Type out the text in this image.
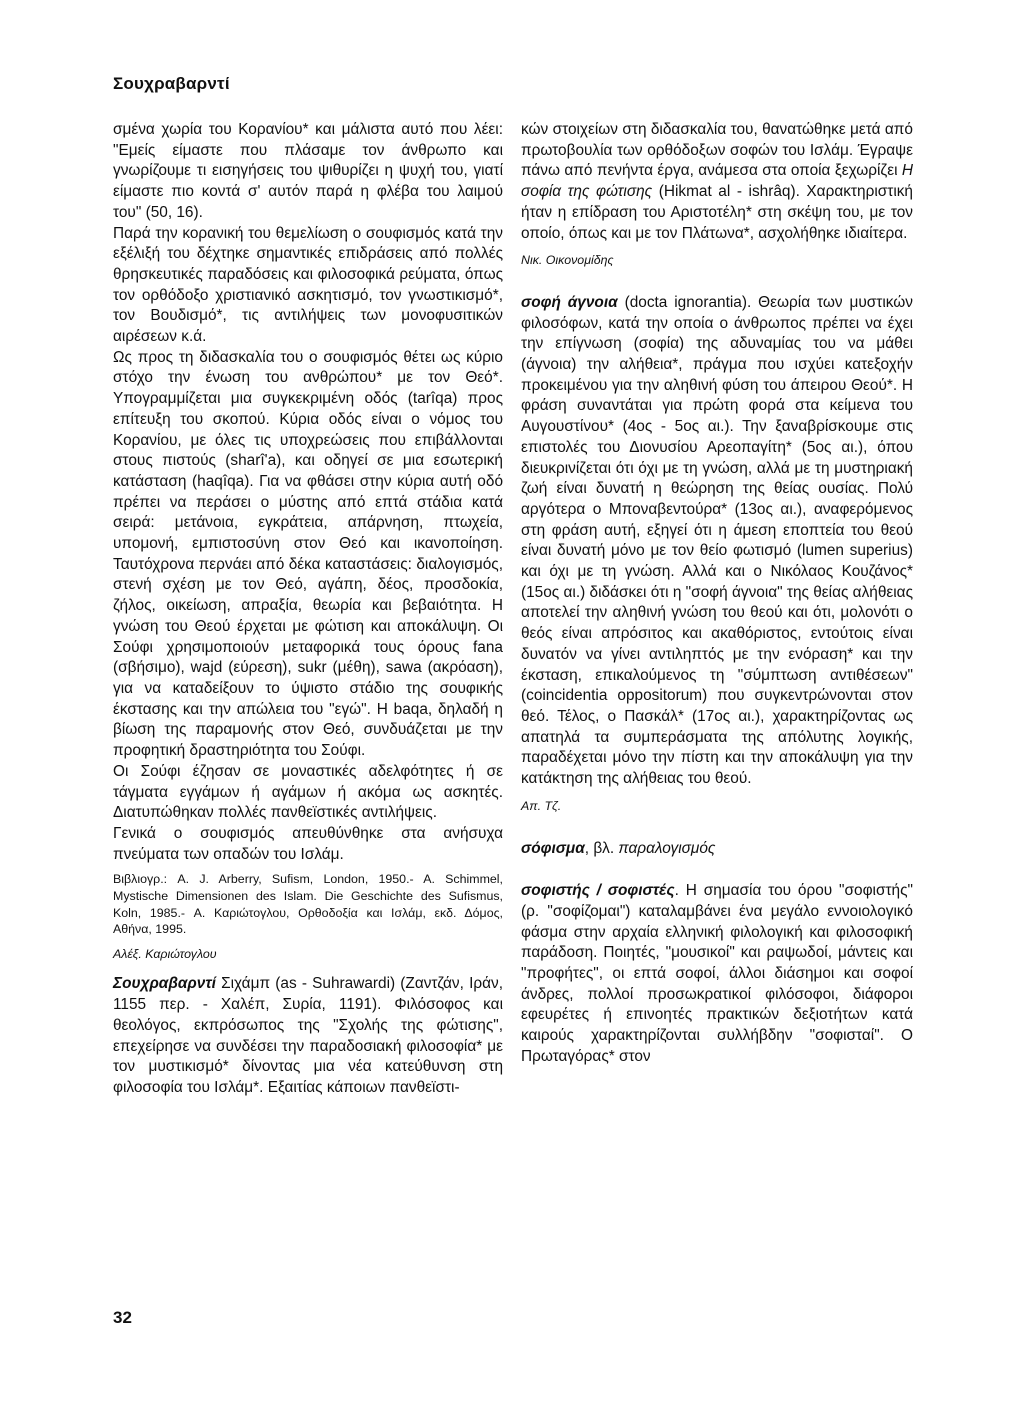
Σουχραβαρντί

σμένα χωρία του Κορανίου* και μάλιστα αυτό που λέει: "Εμείς είμαστε που πλάσαμε τον άνθρωπο και γνωρίζουμε τι εισηγήσεις του ψιθυρίζει η ψυχή του, γιατί είμαστε πιο κοντά σ' αυτόν παρά η φλέβα του λαιμού του" (50, 16).

Παρά την κορανική του θεμελίωση ο σουφισμός κατά την εξέλιξή του δέχτηκε σημαντικές επιδράσεις από πολλές θρησκευτικές παραδόσεις και φιλοσοφικά ρεύματα, όπως τον ορθόδοξο χριστιανικό ασκητισμό, τον γνωστικισμό*, τον Βουδισμό*, τις αντιλήψεις των μονοφυσιτικών αιρέσεων κ.ά.

Ως προς τη διδασκαλία του ο σουφισμός θέτει ως κύριο στόχο την ένωση του ανθρώπου* με τον Θεό*. Υπογραμμίζεται μια συγκεκριμένη οδός (tarîqa) προς επίτευξη του σκοπού. Κύρια οδός είναι ο νόμος του Κορανίου, με όλες τις υποχρεώσεις που επιβάλλονται στους πιστούς (sharî'a), και οδηγεί σε μια εσωτερική κατάσταση (haqîqa). Για να φθάσει στην κύρια αυτή οδό πρέπει να περάσει ο μύστης από επτά στάδια κατά σειρά: μετάνοια, εγκράτεια, απάρνηση, πτωχεία, υπομονή, εμπιστοσύνη στον Θεό και ικανοποίηση. Ταυτόχρονα περνάει από δέκα καταστάσεις: διαλογισμός, στενή σχέση με τον Θεό, αγάπη, δέος, προσδοκία, ζήλος, οικείωση, απραξία, θεωρία και βεβαιότητα. Η γνώση του Θεού έρχεται με φώτιση και αποκάλυψη. Οι Σούφι χρησιμοποιούν μεταφορικά τους όρους fana (σβήσιμο), wajd (εύρεση), sukr (μέθη), sawa (ακρόαση), για να καταδείξουν το ύψιστο στάδιο της σουφικής έκστασης και την απώλεια του "εγώ". Η baqa, δηλαδή η βίωση της παραμονής στον Θεό, συνδυάζεται με την προφητική δραστηριότητα του Σούφι.

Οι Σούφι έζησαν σε μοναστικές αδελφότητες ή σε τάγματα εγγάμων ή αγάμων ή ακόμα ως ασκητές. Διατυπώθηκαν πολλές πανθεϊστικές αντιλήψεις.

Γενικά ο σουφισμός απευθύνθηκε στα ανήσυχα πνεύματα των οπαδών του Ισλάμ.

Βιβλιογρ.: A. J. Arberry, Sufism, London, 1950.- A. Schimmel, Mystische Dimensionen des Islam. Die Geschichte des Sufismus, Koln, 1985.- Α. Καριώτογλου, Ορθοδοξία και Ισλάμ, εκδ. Δόμος, Αθήνα, 1995.

Αλέξ. Καριώτογλου

Σουχραβαρντί Σιχάμπ (as - Suhrawardi) (Ζαντζάν, Ιράν, 1155 περ. - Χαλέπ, Συρία, 1191). Φιλόσοφος και θεολόγος, εκπρόσωπος της "Σχολής της φώτισης", επεχείρησε να συνδέσει την παραδοσιακή φιλοσοφία* με τον μυστικισμό* δίνοντας μια νέα κατεύθυνση στη φιλοσοφία του Ισλάμ*. Εξαιτίας κάποιων πανθεϊστι-

κών στοιχείων στη διδασκαλία του, θανατώθηκε μετά από πρωτοβουλία των ορθόδοξων σοφών του Ισλάμ. Έγραψε πάνω από πενήντα έργα, ανάμεσα στα οποία ξεχωρίζει Η σοφία της φώτισης (Hikmat al - ishrâq). Χαρακτηριστική ήταν η επίδραση του Αριστοτέλη* στη σκέψη του, με τον οποίο, όπως και με τον Πλάτωνα*, ασχολήθηκε ιδιαίτερα.

Νικ. Οικονομίδης

σοφή άγνοια (docta ignorantia). Θεωρία των μυστικών φιλοσόφων, κατά την οποία ο άνθρωπος πρέπει να έχει την επίγνωση (σοφία) της αδυναμίας του να μάθει (άγνοια) την αλήθεια*, πράγμα που ισχύει κατεξοχήν προκειμένου για την αληθινή φύση του άπειρου Θεού*. Η φράση συναντάται για πρώτη φορά στα κείμενα του Αυγουστίνου* (4ος - 5ος αι.). Την ξαναβρίσκουμε στις επιστολές του Διονυσίου Αρεοπαγίτη* (5ος αι.), όπου διευκρινίζεται ότι όχι με τη γνώση, αλλά με τη μυστηριακή ζωή είναι δυνατή η θεώρηση της θείας ουσίας. Πολύ αργότερα ο Μποναβεντούρα* (13ος αι.), αναφερόμενος στη φράση αυτή, εξηγεί ότι η άμεση εποπτεία του θεού είναι δυνατή μόνο με τον θείο φωτισμό (lumen superius) και όχι με τη γνώση. Αλλά και ο Νικόλαος Κουζάνος* (15ος αι.) διδάσκει ότι η "σοφή άγνοια" της θείας αλήθειας αποτελεί την αληθινή γνώση του θεού και ότι, μολονότι ο θεός είναι απρόσιτος και ακαθόριστος, εντούτοις είναι δυνατόν να γίνει αντιληπτός με την ενόραση* και την έκσταση, επικαλούμενος τη "σύμπτωση αντιθέσεων" (coincidentia oppositorum) που συγκεντρώνονται στον θεό. Τέλος, ο Πασκάλ* (17ος αι.), χαρακτηρίζοντας ως απατηλά τα συμπεράσματα της απόλυτης λογικής, παραδέχεται μόνο την πίστη και την αποκάλυψη για την κατάκτηση της αλήθειας του θεού.

Απ. Τζ.

σόφισμα, βλ. παραλογισμός

σοφιστής / σοφιστές. Η σημασία του όρου "σοφιστής" (ρ. "σοφίζομαι") καταλαμβάνει ένα μεγάλο εννοιολογικό φάσμα στην αρχαία ελληνική φιλολογική και φιλοσοφική παράδοση. Ποιητές, "μουσικοί" και ραψωδοί, μάντεις και "προφήτες", οι επτά σοφοί, άλλοι διάσημοι και σοφοί άνδρες, πολλοί προσωκρατικοί φιλόσοφοι, διάφοροι εφευρέτες ή επινοητές πρακτικών δεξιοτήτων κατά καιρούς χαρακτηρίζονται συλλήβδην "σοφισταί". Ο Πρωταγόρας* στον

32
